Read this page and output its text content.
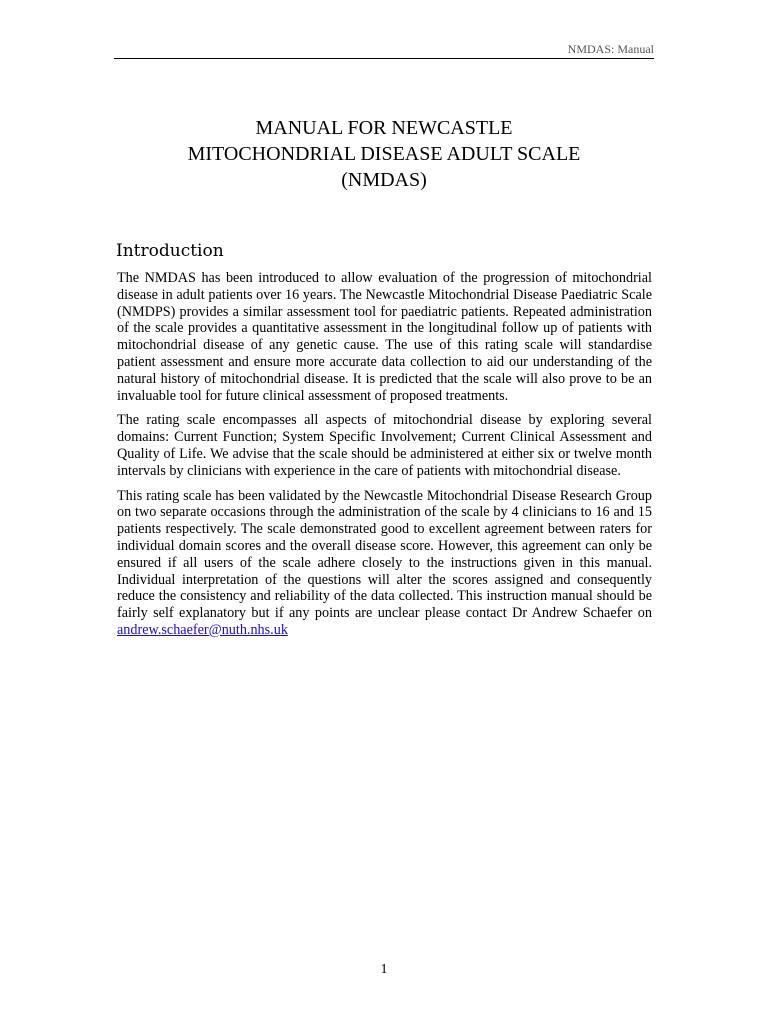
NMDAS: Manual
MANUAL FOR NEWCASTLE
MITOCHONDRIAL DISEASE ADULT SCALE
(NMDAS)
Introduction

The NMDAS has been introduced to allow evaluation of the progression of mitochondrial disease in adult patients over 16 years. The Newcastle Mitochondrial Disease Paediatric Scale (NMDPS) provides a similar assessment tool for paediatric patients. Repeated administration of the scale provides a quantitative assessment in the longitudinal follow up of patients with mitochondrial disease of any genetic cause. The use of this rating scale will standardise patient assessment and ensure more accurate data collection to aid our understanding of the natural history of mitochondrial disease. It is predicted that the scale will also prove to be an invaluable tool for future clinical assessment of proposed treatments.

The rating scale encompasses all aspects of mitochondrial disease by exploring several domains: Current Function; System Specific Involvement; Current Clinical Assessment and Quality of Life. We advise that the scale should be administered at either six or twelve month intervals by clinicians with experience in the care of patients with mitochondrial disease.

This rating scale has been validated by the Newcastle Mitochondrial Disease Research Group on two separate occasions through the administration of the scale by 4 clinicians to 16 and 15 patients respectively. The scale demonstrated good to excellent agreement between raters for individual domain scores and the overall disease score. However, this agreement can only be ensured if all users of the scale adhere closely to the instructions given in this manual. Individual interpretation of the questions will alter the scores assigned and consequently reduce the consistency and reliability of the data collected. This instruction manual should be fairly self explanatory but if any points are unclear please contact Dr Andrew Schaefer on andrew.schaefer@nuth.nhs.uk

1
